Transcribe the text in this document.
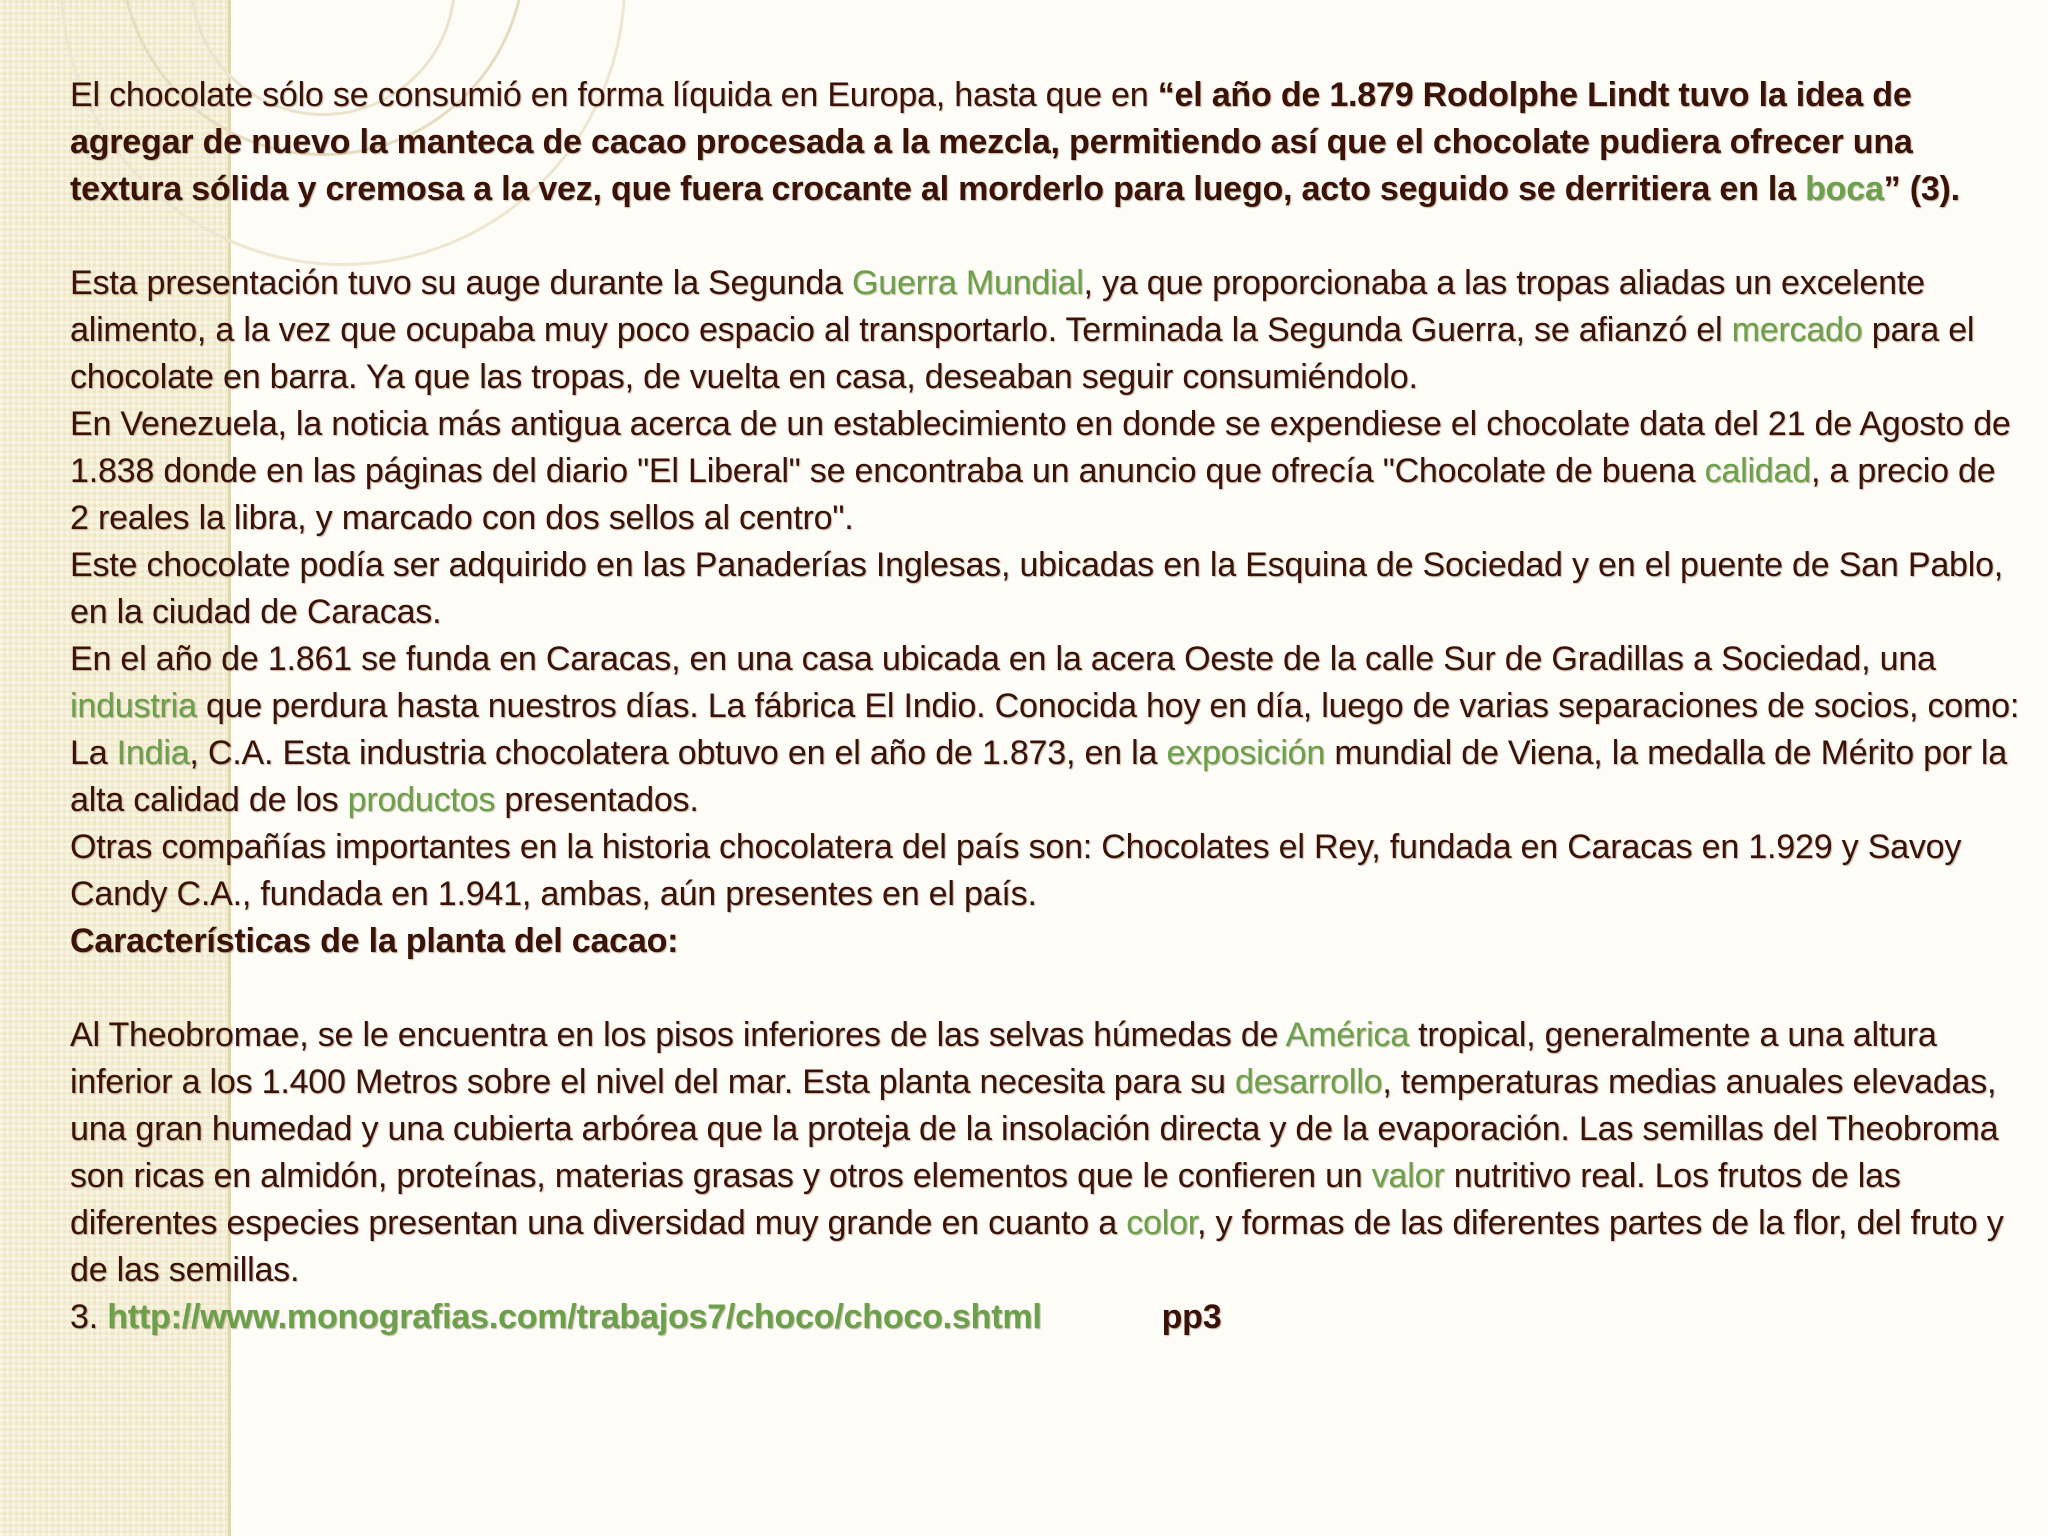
El chocolate sólo se consumió en forma líquida en Europa, hasta que en “el año de 1.879 Rodolphe Lindt tuvo la idea de agregar de nuevo la manteca de cacao procesada a la mezcla, permitiendo así que el chocolate pudiera ofrecer una textura sólida y cremosa a la vez, que fuera crocante al morderlo para luego, acto seguido se derritiera en la boca” (3).

Esta presentación tuvo su auge durante la Segunda Guerra Mundial, ya que proporcionaba a las tropas aliadas un excelente alimento, a la vez que ocupaba muy poco espacio al transportarlo. Terminada la Segunda Guerra, se afianzó el mercado para el chocolate en barra. Ya que las tropas, de vuelta en casa, deseaban seguir consumiéndolo.

En Venezuela, la noticia más antigua acerca de un establecimiento en donde se expendiese el chocolate data del 21 de Agosto de 1.838 donde en las páginas del diario "El Liberal" se encontraba un anuncio que ofrecía "Chocolate de buena calidad, a precio de 2 reales la libra, y marcado con dos sellos al centro".

Este chocolate podía ser adquirido en las Panaderías Inglesas, ubicadas en la Esquina de Sociedad y en el puente de San Pablo, en la ciudad de Caracas.

En el año de 1.861 se funda en Caracas, en una casa ubicada en la acera Oeste de la calle Sur de Gradillas a Sociedad, una industria que perdura hasta nuestros días. La fábrica El Indio. Conocida hoy en día, luego de varias separaciones de socios, como: La India, C.A. Esta industria chocolatera obtuvo en el año de 1.873, en la exposición mundial de Viena, la medalla de Mérito por la alta calidad de los productos presentados.

Otras compañías importantes en la historia chocolatera del país son: Chocolates el Rey, fundada en Caracas en 1.929 y Savoy Candy C.A., fundada en 1.941, ambas, aún presentes en el país.

Características de la planta del cacao:

Al Theobromae, se le encuentra en los pisos inferiores de las selvas húmedas de América tropical, generalmente a una altura inferior a los 1.400 Metros sobre el nivel del mar. Esta planta necesita para su desarrollo, temperaturas medias anuales elevadas, una gran humedad y una cubierta arbórea que la proteja de la insolación directa y de la evaporación. Las semillas del Theobroma son ricas en almidón, proteínas, materias grasas y otros elementos que le confieren un valor nutritivo real. Los frutos de las diferentes especies presentan una diversidad muy grande en cuanto a color, y formas de las diferentes partes de la flor, del fruto y de las semillas.

3. http://www.monografias.com/trabajos7/choco/choco.shtml	pp3
